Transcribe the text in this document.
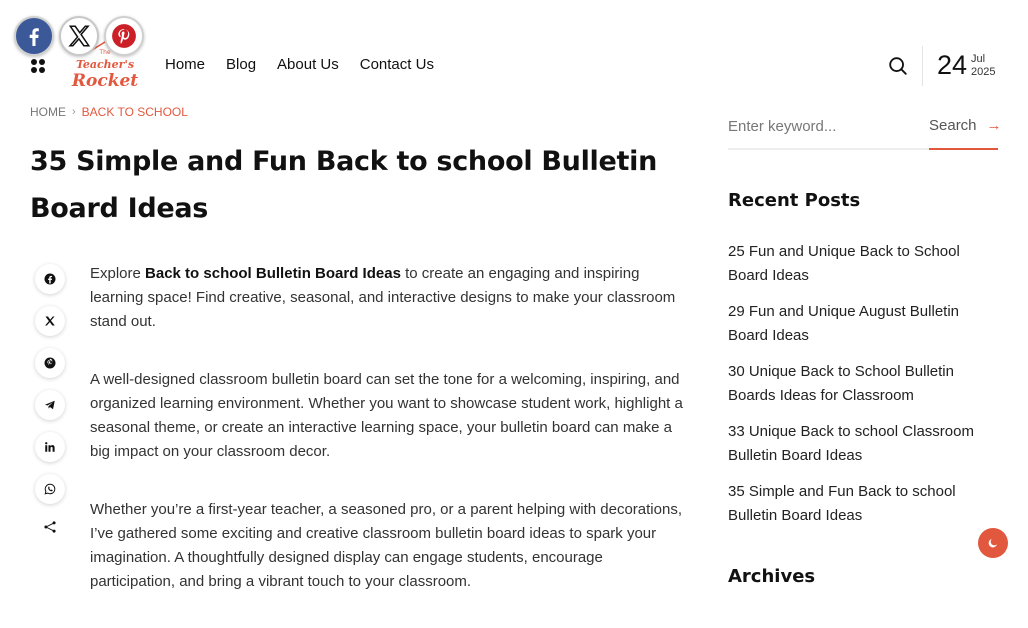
The
Teacher's
Rocket
Home Blog About Us Contact Us	24 Jul
2025
HOME › BACK TO SCHOOL
35 Simple and Fun Back to school Bulletin Board Ideas

Explore Back to school Bulletin Board Ideas to create an engaging and inspiring learning space! Find creative, seasonal, and interactive designs to make your classroom stand out.

A well-designed classroom bulletin board can set the tone for a welcoming, inspiring, and organized learning environment. Whether you want to showcase student work, highlight a seasonal theme, or create an interactive learning space, your bulletin board can make a big impact on your classroom decor.

Whether you’re a first-year teacher, a seasoned pro, or a parent helping with decorations, I’ve gathered some exciting and creative classroom bulletin board ideas to spark your imagination. A thoughtfully designed display can engage students, encourage participation, and bring a vibrant touch to your classroom.

Enter keyword...
Search →
Recent Posts
25 Fun and Unique Back to School Board Ideas
29 Fun and Unique August Bulletin Board Ideas
30 Unique Back to School Bulletin Boards Ideas for Classroom
33 Unique Back to school Classroom Bulletin Board Ideas
35 Simple and Fun Back to school Bulletin Board Ideas
Archives
